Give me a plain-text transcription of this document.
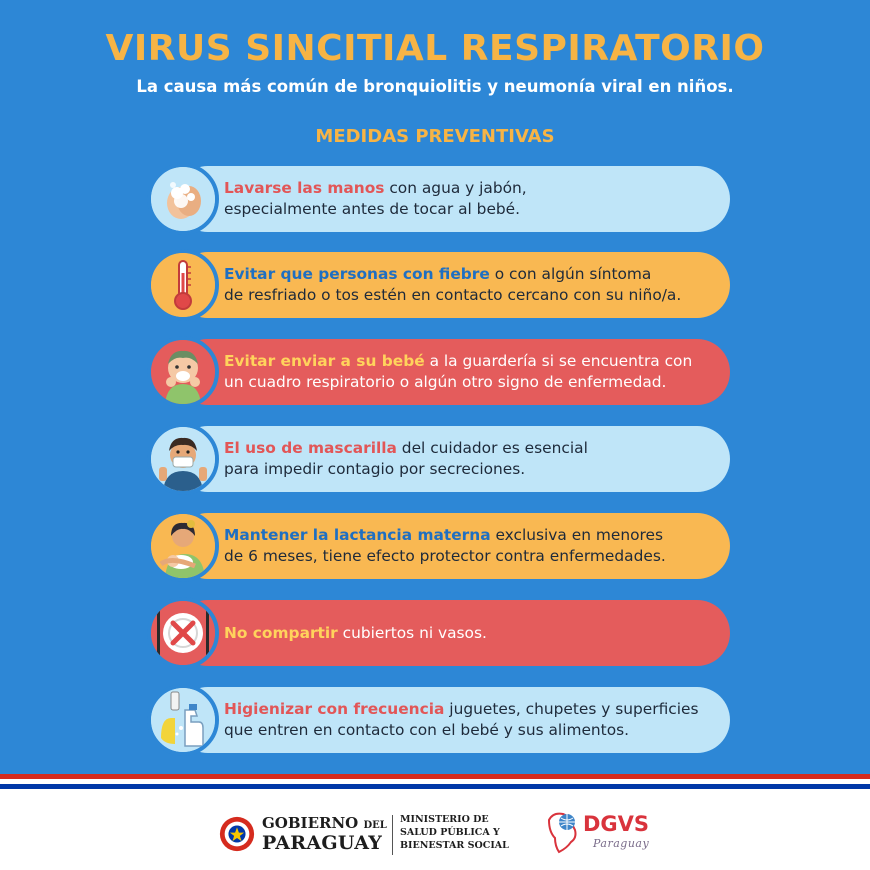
VIRUS SINCITIAL RESPIRATORIO
La causa más común de bronquiolitis y neumonía viral en niños.
MEDIDAS PREVENTIVAS
Lavarse las manos con agua y jabón,
especialmente antes de tocar al bebé.
Evitar que personas con fiebre o con algún síntoma
de resfriado o tos estén en contacto cercano con su niño/a.
Evitar enviar a su bebé a la guardería si se encuentra con
un cuadro respiratorio o algún otro signo de enfermedad.
El uso de mascarilla del cuidador es esencial
para impedir contagio por secreciones.
Mantener la lactancia materna exclusiva en menores
de 6 meses, tiene efecto protector contra enfermedades.
No compartir cubiertos ni vasos.
Higienizar con frecuencia juguetes, chupetes y superficies
que entren en contacto con el bebé y sus alimentos.
GOBIERNO DEL
PARAGUAY
MINISTERIO DE
SALUD PÚBLICA Y
BIENESTAR SOCIAL
DGVS
Paraguay
